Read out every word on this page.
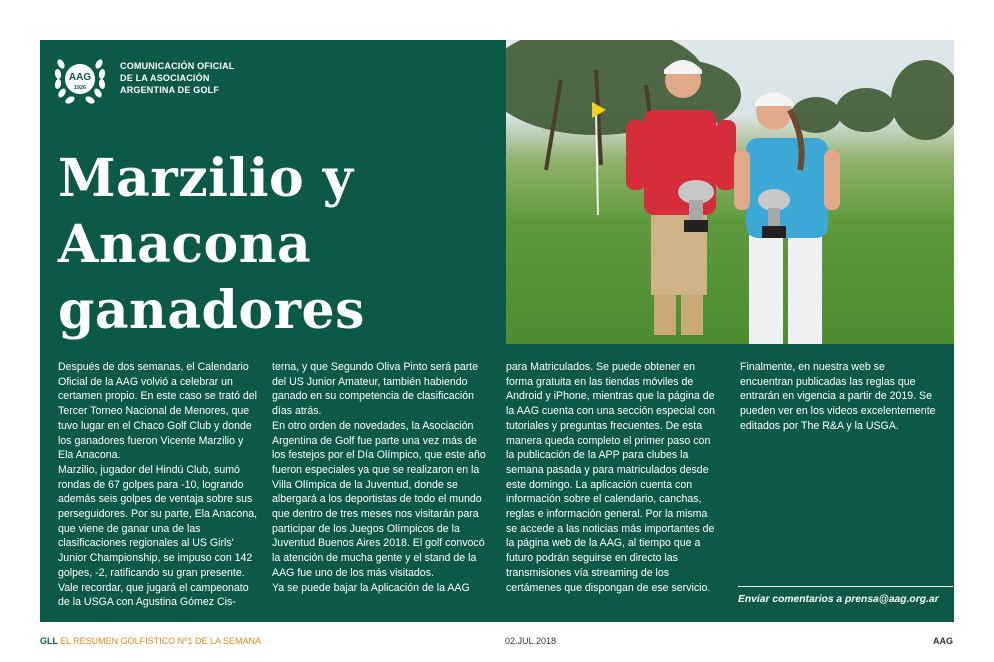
AAG
1926
COMUNICACIÓN OFICIAL
DE LA ASOCIACIÓN
ARGENTINA DE GOLF
Marzilio y
Anacona
ganadores

Después de dos semanas, el Calendario Oficial de la AAG volvió a celebrar un certamen propio. En este caso se trató del Tercer Torneo Nacional de Menores, que tuvo lugar en el Chaco Golf Club y donde los ganadores fueron Vicente Marzilio y Ela Anacona.

Marzilio, jugador del Hindú Club, sumó rondas de 67 golpes para -10, logrando además seis golpes de ventaja sobre sus perseguidores. Por su parte, Ela Anacona, que viene de ganar una de las clasificaciones regionales al US Girls' Junior Championship, se impuso con 142 golpes, -2, ratificando su gran presente. Vale recordar, que jugará el campeonato de la USGA con Agustina Gómez Cis-

terna, y que Segundo Oliva Pinto será parte del US Junior Amateur, también habiendo ganado en su competencia de clasificación días atrás.

En otro orden de novedades, la Asociación Argentina de Golf fue parte una vez más de los festejos por el Día Olímpico, que este año fueron especiales ya que se realizaron en la Villa Olímpica de la Juventud, donde se albergará a los deportistas de todo el mundo que dentro de tres meses nos visitarán para participar de los Juegos Olímpicos de la Juventud Buenos Aires 2018. El golf convocó la atención de mucha gente y el stand de la AAG fue uno de los más visitados.

Ya se puede bajar la Aplicación de la AAG

para Matriculados. Se puede obtener en forma gratuita en las tiendas móviles de Android y iPhone, mientras que la página de la AAG cuenta con una sección especial con tutoriales y preguntas frecuentes. De esta manera queda completo el primer paso con la publicación de la APP para clubes la semana pasada y para matriculados desde este domingo. La aplicación cuenta con información sobre el calendario, canchas, reglas e información general. Por la misma se accede a las noticias más importantes de la página web de la AAG, al tiempo que a futuro podrán seguirse en directo las transmisiones vía streaming de los certámenes que dispongan de ese servicio.

Finalmente, en nuestra web se encuentran publicadas las reglas que entrarán en vigencia a partir de 2019. Se pueden ver en los videos excelentemente editados por The R&A y la USGA.

Enviar comentarios a prensa@aag.org.ar
GLL EL RESUMEN GOLFISTICO Nº1 DE LA SEMANA	02.JUL.2018	AAG
